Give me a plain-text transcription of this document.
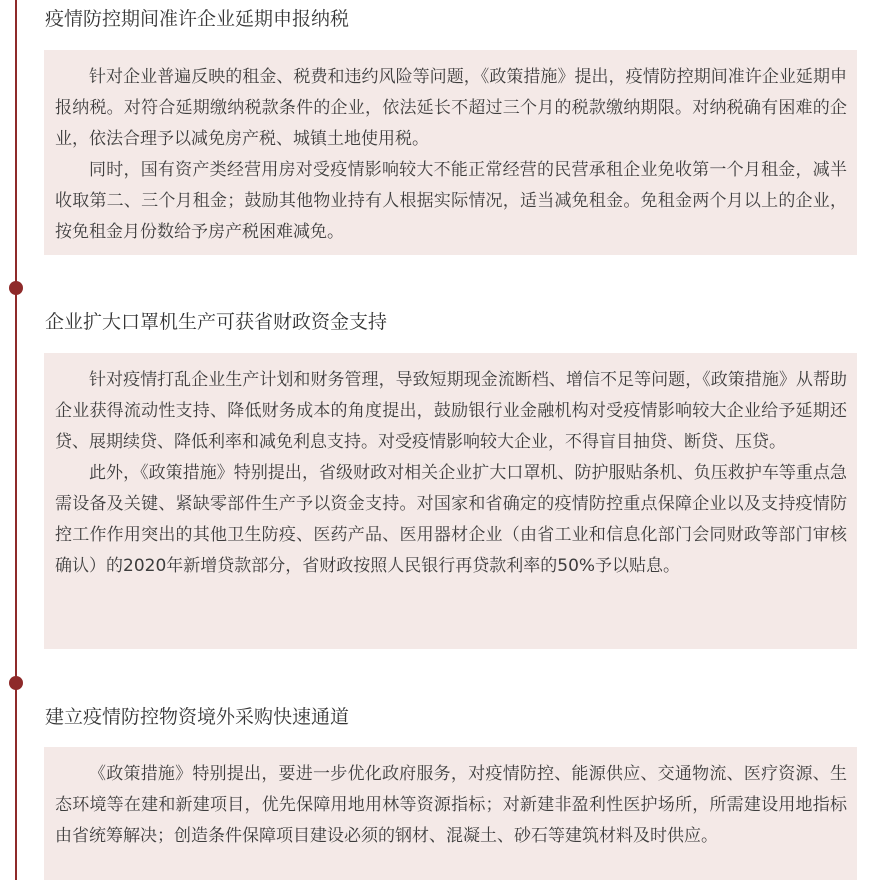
疫情防控期间准许企业延期申报纳税

针对企业普遍反映的租金、税费和违约风险等问题，《政策措施》提出，疫情防控期间准许企业延期申报纳税。对符合延期缴纳税款条件的企业，依法延长不超过三个月的税款缴纳期限。对纳税确有困难的企业，依法合理予以减免房产税、城镇土地使用税。

同时，国有资产类经营用房对受疫情影响较大不能正常经营的民营承租企业免收第一个月租金，减半收取第二、三个月租金；鼓励其他物业持有人根据实际情况，适当减免租金。免租金两个月以上的企业，按免租金月份数给予房产税困难减免。

企业扩大口罩机生产可获省财政资金支持

针对疫情打乱企业生产计划和财务管理，导致短期现金流断档、增信不足等问题，《政策措施》从帮助企业获得流动性支持、降低财务成本的角度提出，鼓励银行业金融机构对受疫情影响较大企业给予延期还贷、展期续贷、降低利率和减免利息支持。对受疫情影响较大企业，不得盲目抽贷、断贷、压贷。

此外，《政策措施》特别提出，省级财政对相关企业扩大口罩机、防护服贴条机、负压救护车等重点急需设备及关键、紧缺零部件生产予以资金支持。对国家和省确定的疫情防控重点保障企业以及支持疫情防控工作作用突出的其他卫生防疫、医药产品、医用器材企业（由省工业和信息化部门会同财政等部门审核确认）的2020年新增贷款部分，省财政按照人民银行再贷款利率的50%予以贴息。

建立疫情防控物资境外采购快速通道

《政策措施》特别提出，要进一步优化政府服务，对疫情防控、能源供应、交通物流、医疗资源、生态环境等在建和新建项目，优先保障用地用林等资源指标；对新建非盈利性医护场所，所需建设用地指标由省统筹解决；创造条件保障项目建设必须的钢材、混凝土、砂石等建筑材料及时供应。
